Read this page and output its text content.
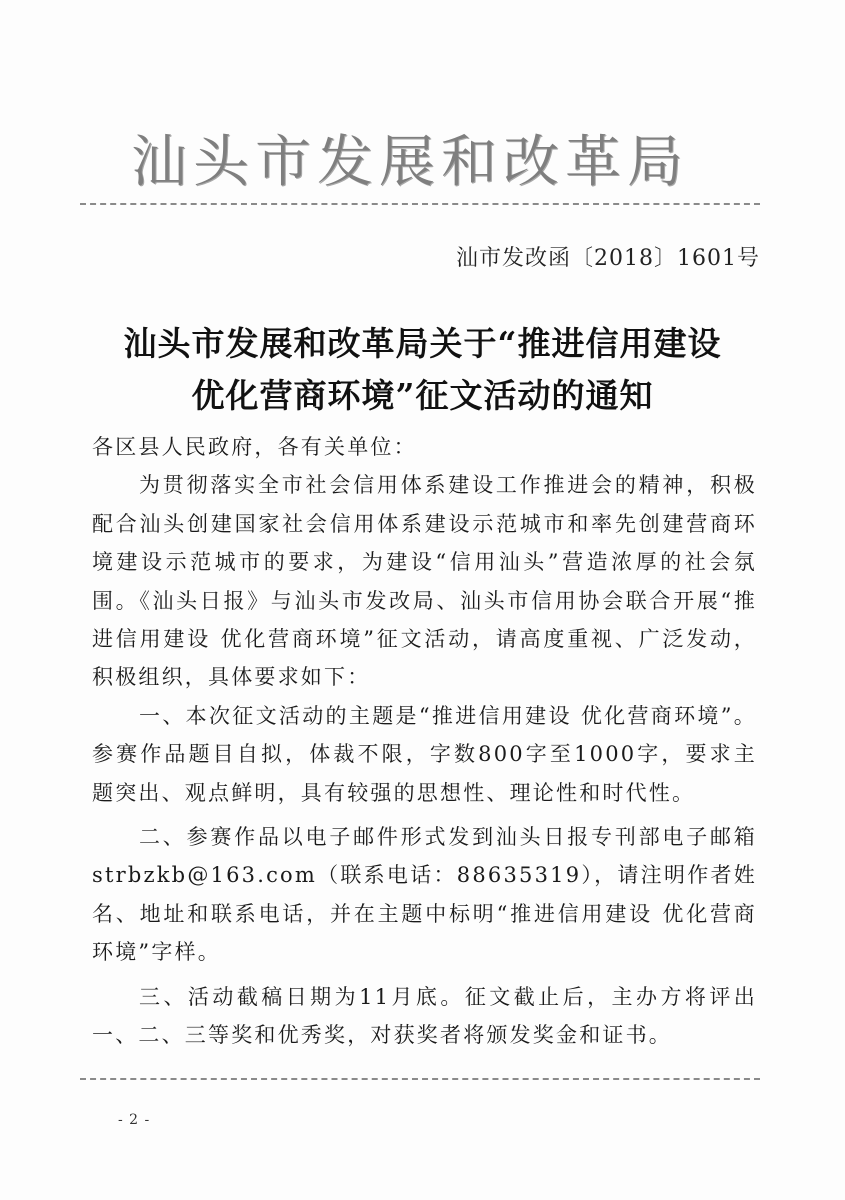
汕头市发展和改革局
汕市发改函〔2018〕1601号
汕头市发展和改革局关于“推进信用建设
优化营商环境”征文活动的通知

各区县人民政府，各有关单位：

为贯彻落实全市社会信用体系建设工作推进会的精神，积极配合汕头创建国家社会信用体系建设示范城市和率先创建营商环境建设示范城市的要求，为建设“信用汕头”营造浓厚的社会氛围。《汕头日报》与汕头市发改局、汕头市信用协会联合开展“推进信用建设 优化营商环境”征文活动，请高度重视、广泛发动，积极组织，具体要求如下：

一、本次征文活动的主题是“推进信用建设 优化营商环境”。参赛作品题目自拟，体裁不限，字数800字至1000字，要求主题突出、观点鲜明，具有较强的思想性、理论性和时代性。

二、参赛作品以电子邮件形式发到汕头日报专刊部电子邮箱 strbzkb@163.com（联系电话：88635319），请注明作者姓名、地址和联系电话，并在主题中标明“推进信用建设 优化营商环境”字样。

三、活动截稿日期为11月底。征文截止后，主办方将评出一、二、三等奖和优秀奖，对获奖者将颁发奖金和证书。

- 2 -
